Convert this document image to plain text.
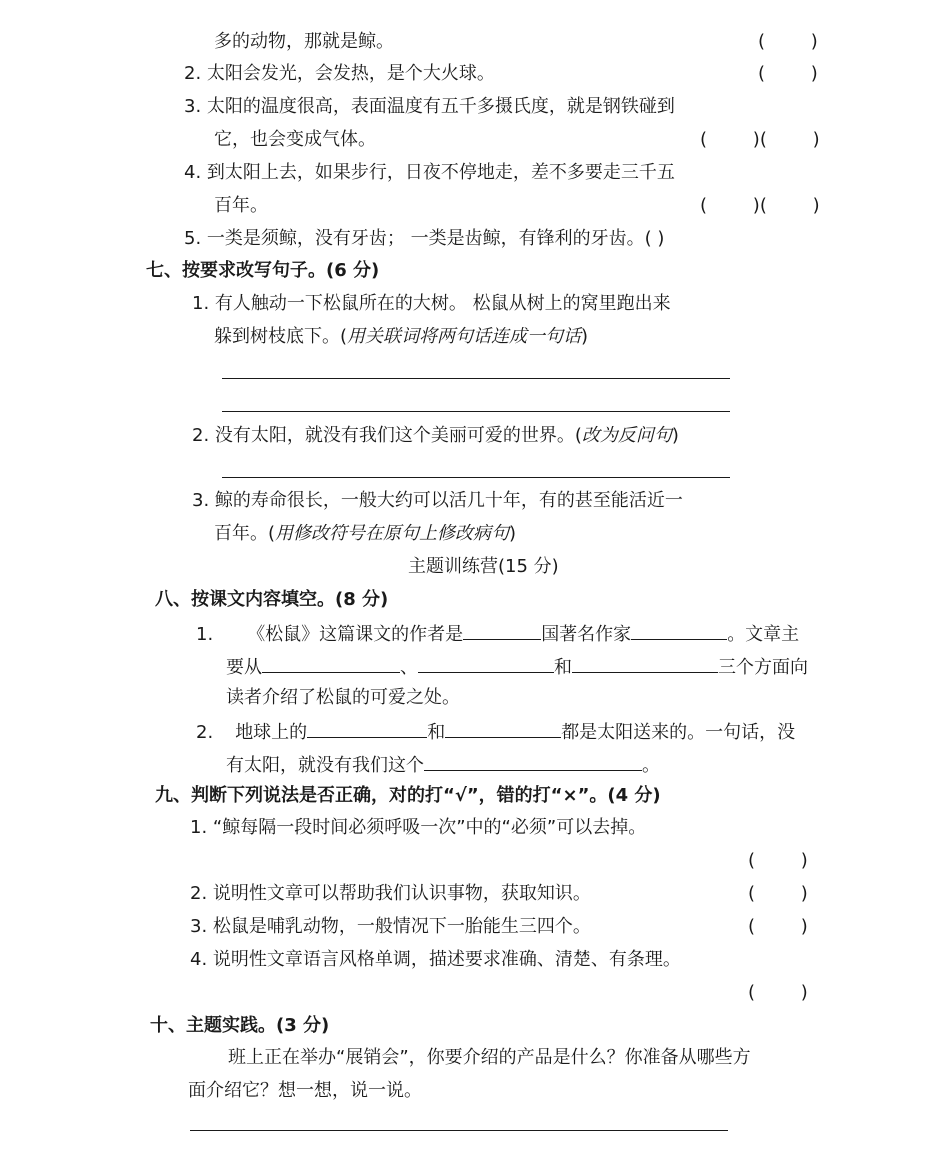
多的动物，那就是鲸。	(        )
2. 太阳会发光，会发热，是个大火球。	(        )
3. 太阳的温度很高，表面温度有五千多摄氏度，就是钢铁碰到
它，也会变成气体。	(        )(        )
4. 到太阳上去，如果步行，日夜不停地走，差不多要走三千五
百年。	(        )(        )
5. 一类是须鲸，没有牙齿； 一类是齿鲸，有锋利的牙齿。( )
七、按要求改写句子。(6 分)
1. 有人触动一下松鼠所在的大树。 松鼠从树上的窝里跑出来
躲到树枝底下。(用关联词将两句话连成一句话)
2. 没有太阳，就没有我们这个美丽可爱的世界。(改为反问句)
3. 鲸的寿命很长，一般大约可以活几十年，有的甚至能活近一
百年。(用修改符号在原句上修改病句)
主题训练营(15 分)
八、按课文内容填空。(8 分)
1. 《松鼠》这篇课文的作者是	国著名作家	。文章主
要从	、	和	三个方面向
读者介绍了松鼠的可爱之处。
2. 地球上的	和	都是太阳送来的。一句话，没
有太阳，就没有我们这个	。
九、判断下列说法是否正确，对的打“√”，错的打“×”。(4 分)
1. “鲸每隔一段时间必须呼吸一次”中的“必须”可以去掉。
(        )
2. 说明性文章可以帮助我们认识事物，获取知识。	(        )
3. 松鼠是哺乳动物，一般情况下一胎能生三四个。	(        )
4. 说明性文章语言风格单调，描述要求准确、清楚、有条理。
(        )
十、主题实践。(3 分)
班上正在举办“展销会”，你要介绍的产品是什么？你准备从哪些方
面介绍它？想一想，说一说。
